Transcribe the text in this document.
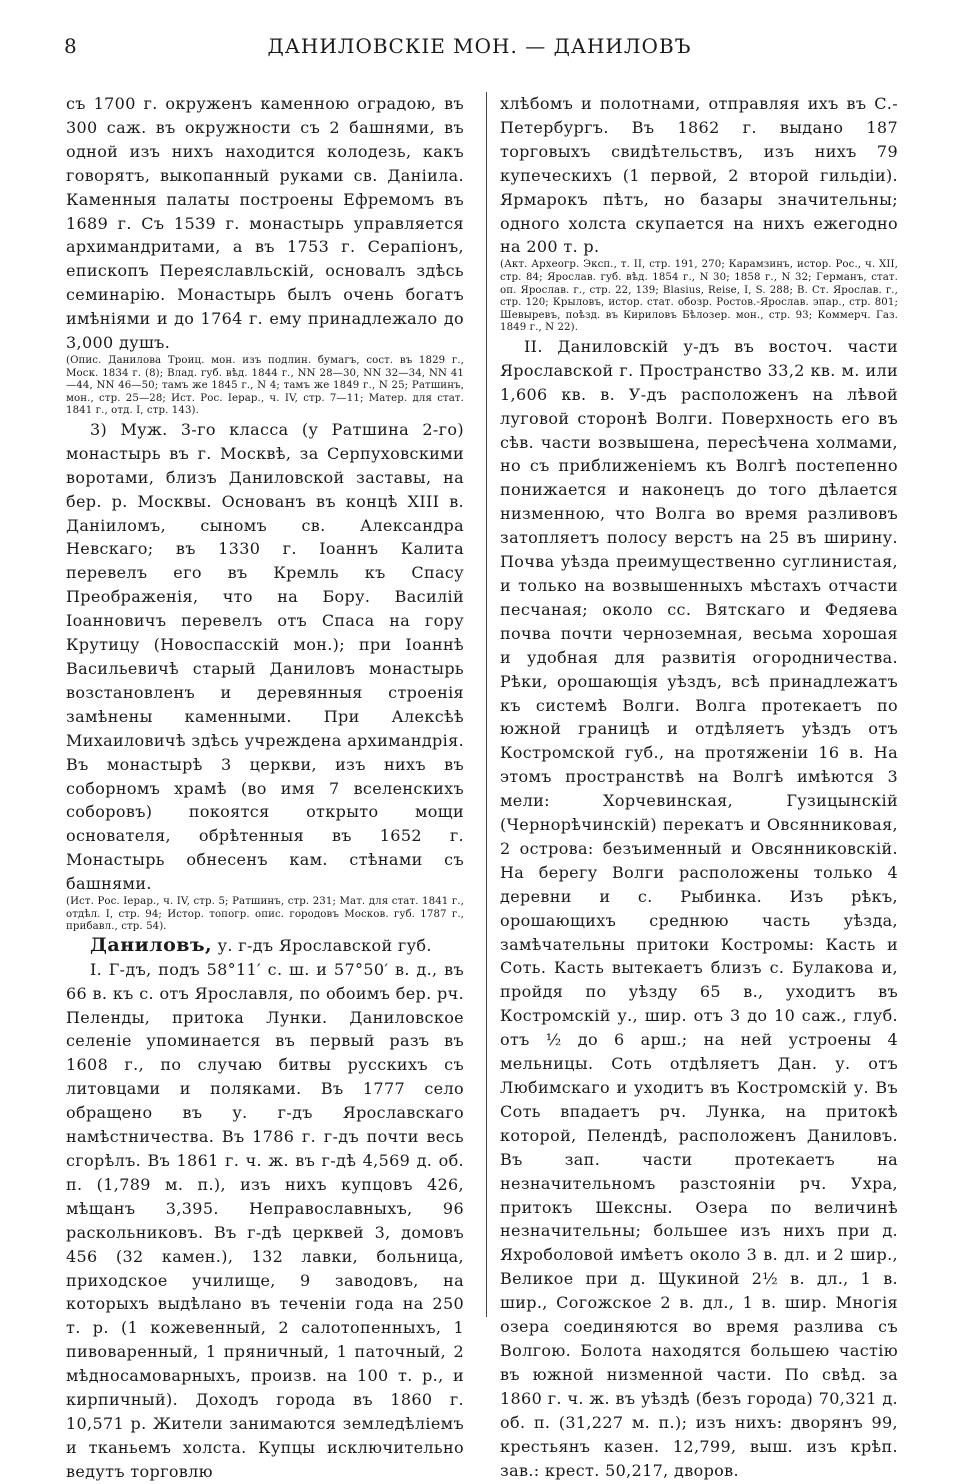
8	ДАНИЛОВСКІЕ МОН. — ДАНИЛОВЪ

съ 1700 г. окруженъ каменною оградою, въ 300 саж. въ окружности съ 2 башнями, въ одной изъ нихъ находится колодезь, какъ говорятъ, выкопанный руками св. Даніила. Каменныя палаты построены Ефремомъ въ 1689 г. Съ 1539 г. монастырь управляется архимандритами, а въ 1753 г. Серапіонъ, епископъ Переяславльскій, основалъ здѣсь семинарію. Монастырь былъ очень богатъ имѣніями и до 1764 г. ему принадлежало до 3,000 душъ.

(Опис. Данилова Троиц. мон. изъ подлин. бумагъ, сост. въ 1829 г., Моск. 1834 г. (8); Влад. губ. вѣд. 1844 г., NN 28—30, NN 32—34, NN 41—44, NN 46—50; тамъ же 1845 г., N 4; тамъ же 1849 г., N 25; Ратшинъ, мон., стр. 25—28; Ист. Рос. Іерар., ч. IV, стр. 7—11; Матер. для стат. 1841 г., отд. I, стр. 143).

3) Муж. 3-го класса (у Ратшина 2-го) монастырь въ г. Москвѣ, за Серпуховскими воротами, близъ Даниловской заставы, на бер. р. Москвы. Основанъ въ концѣ XIII в. Даніиломъ, сыномъ св. Александра Невскаго; въ 1330 г. Іоаннъ Калита перевелъ его въ Кремль къ Спасу Преображенія, что на Бору. Василій Іоанновичъ перевелъ отъ Спаса на гору Крутицу (Новоспасскій мон.); при Іоаннѣ Васильевичѣ старый Даниловъ монастырь возстановленъ и деревянныя строенія замѣнены каменными. При Алексѣѣ Михаиловичѣ здѣсь учреждена архимандрія. Въ монастырѣ 3 церкви, изъ нихъ въ соборномъ храмѣ (во имя 7 вселенскихъ соборовъ) покоятся открыто мощи основателя, обрѣтенныя въ 1652 г. Монастырь обнесенъ кам. стѣнами съ башнями.

(Ист. Рос. Іерар., ч. IV, стр. 5; Ратшинъ, стр. 231; Мат. для стат. 1841 г., отдѣл. I, стр. 94; Истор. топогр. опис. городовъ Москов. губ. 1787 г., прибавл., стр. 54).

Даниловъ, у. г-дъ Ярославской губ.

I. Г-дъ, подъ 58°11′ с. ш. и 57°50′ в. д., въ 66 в. къ с. отъ Ярославля, по обоимъ бер. рч. Пеленды, притока Лунки. Даниловское селеніе упоминается въ первый разъ въ 1608 г., по случаю битвы русскихъ съ литовцами и поляками. Въ 1777 село обращено въ у. г-дъ Ярославскаго намѣстничества. Въ 1786 г. г-дъ почти весь сгорѣлъ. Въ 1861 г. ч. ж. въ г-дѣ 4,569 д. об. п. (1,789 м. п.), изъ нихъ купцовъ 426, мѣщанъ 3,395. Неправославныхъ, 96 раскольниковъ. Въ г-дѣ церквей 3, домовъ 456 (32 камен.), 132 лавки, больница, приходское училище, 9 заводовъ, на которыхъ выдѣлано въ теченіи года на 250 т. р. (1 кожевенный, 2 салотопенныхъ, 1 пивоваренный, 1 пряничный, 1 паточный, 2 мѣдносамоварныхъ, произв. на 100 т. р., и кирпичный). Доходъ города въ 1860 г. 10,571 р. Жители занимаются земледѣліемъ и тканьемъ холста. Купцы исключительно ведутъ торговлю

хлѣбомъ и полотнами, отправляя ихъ въ С.-Петербургъ. Въ 1862 г. выдано 187 торговыхъ свидѣтельствъ, изъ нихъ 79 купеческихъ (1 первой, 2 второй гильдіи). Ярмарокъ пѣтъ, но базары значительны; одного холста скупается на нихъ ежегодно на 200 т. р.

(Акт. Археогр. Эксп., т. II, стр. 191, 270; Карамзинъ, истор. Рос., ч. XII, стр. 84; Ярослав. губ. вѣд. 1854 г., N 30; 1858 г., N 32; Германъ, стат. оп. Ярослав. г., стр. 22, 139; Blasius, Reise, I, S. 288; В. Ст. Ярослав. г., стр. 120; Крыловъ, истор. стат. обозр. Ростов.-Ярослав. эпар., стр. 801; Шевыревъ, поѣзд. въ Кириловъ Бѣлозер. мон., стр. 93; Коммерч. Газ. 1849 г., N 22).

II. Даниловскій у-дъ въ восточ. части Ярославской г. Пространство 33,2 кв. м. или 1,606 кв. в. У-дъ расположенъ на лѣвой луговой сторонѣ Волги. Поверхность его въ сѣв. части возвышена, пересѣчена холмами, но съ приближеніемъ къ Волгѣ постепенно понижается и наконецъ до того дѣлается низменною, что Волга во время разливовъ затопляетъ полосу верстъ на 25 въ ширину. Почва уѣзда преимущественно суглинистая, и только на возвышенныхъ мѣстахъ отчасти песчаная; около сс. Вятскаго и Федяева почва почти черноземная, весьма хорошая и удобная для развитія огородничества. Рѣки, орошающія уѣздъ, всѣ принадлежатъ къ системѣ Волги. Волга протекаетъ по южной границѣ и отдѣляетъ уѣздъ отъ Костромской губ., на протяженіи 16 в. На этомъ пространствѣ на Волгѣ имѣются 3 мели: Хорчевинская, Гузицынскій (Чернорѣчинскій) перекатъ и Овсянниковая, 2 острова: безъименный и Овсянниковскій. На берегу Волги расположены только 4 деревни и с. Рыбинка. Изъ рѣкъ, орошающихъ среднюю часть уѣзда, замѣчательны притоки Костромы: Касть и Соть. Касть вытекаетъ близъ с. Булакова и, пройдя по уѣзду 65 в., уходитъ въ Костромскій у., шир. отъ 3 до 10 саж., глуб. отъ ½ до 6 арш.; на ней устроены 4 мельницы. Соть отдѣляетъ Дан. у. отъ Любимскаго и уходитъ въ Костромскій у. Въ Соть впадаетъ рч. Лунка, на притокѣ которой, Пелендѣ, расположенъ Даниловъ. Въ зап. части протекаетъ на незначительномъ разстояніи рч. Ухра, притокъ Шексны. Озера по величинѣ незначительны; большее изъ нихъ при д. Яхроболовой имѣетъ около 3 в. дл. и 2 шир., Великое при д. Щукиной 2½ в. дл., 1 в. шир., Согожское 2 в. дл., 1 в. шир. Многія озера соединяются во время разлива съ Волгою. Болота находятся большею частію въ южной низменной части. По свѣд. за 1860 г. ч. ж. въ уѣздѣ (безъ города) 70,321 д. об. п. (31,227 м. п.); изъ нихъ: дворянъ 99, крестьянъ казен. 12,799, выш. изъ крѣп. зав.: крест. 50,217, дворов.
